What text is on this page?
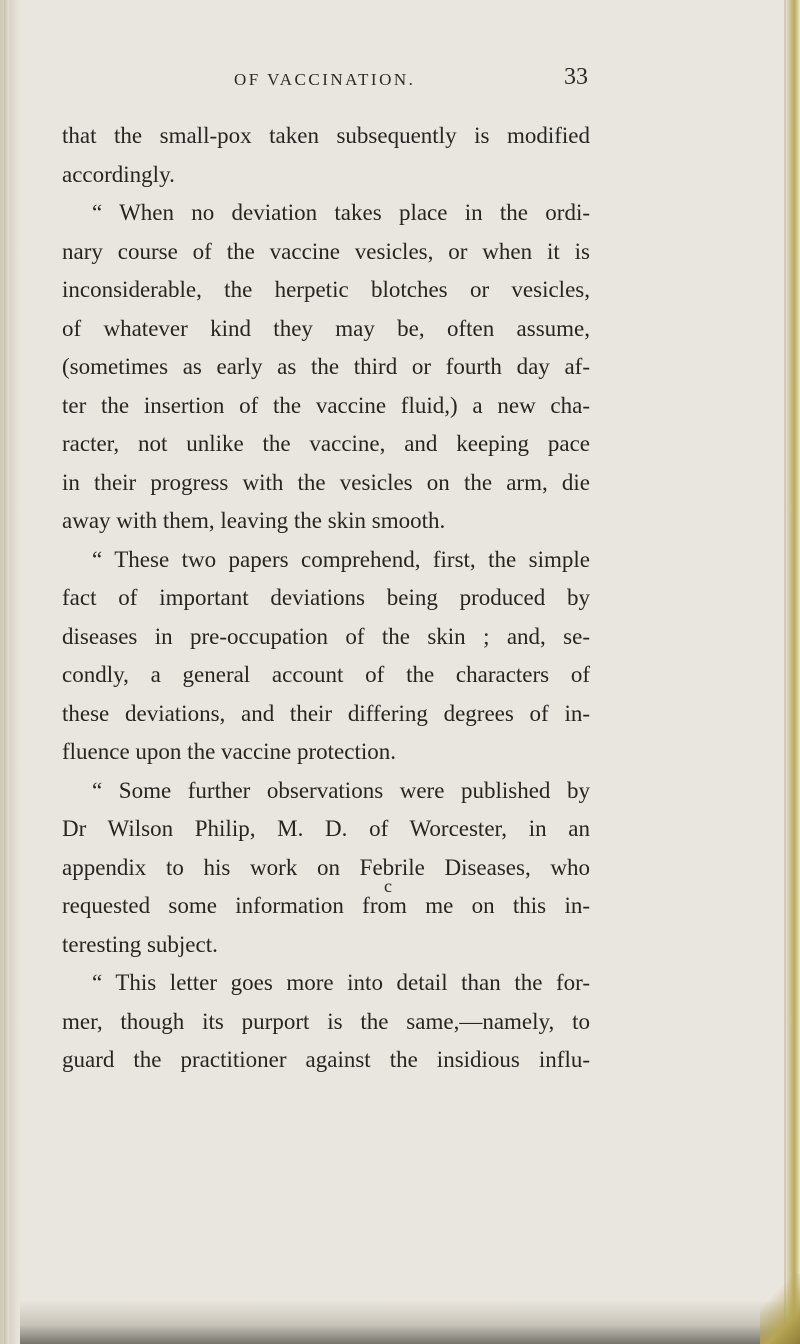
OF VACCINATION.	33
that the small-pox taken subsequently is modified
accordingly.
“ When no deviation takes place in the ordi-
nary course of the vaccine vesicles, or when it is
inconsiderable, the herpetic blotches or vesicles,
of whatever kind they may be, often assume,
(sometimes as early as the third or fourth day af-
ter the insertion of the vaccine fluid,) a new cha-
racter, not unlike the vaccine, and keeping pace
in their progress with the vesicles on the arm, die
away with them, leaving the skin smooth.
“ These two papers comprehend, first, the simple
fact of important deviations being produced by
diseases in pre-occupation of the skin ; and, se-
condly, a general account of the characters of
these deviations, and their differing degrees of in-
fluence upon the vaccine protection.
“ Some further observations were published by
Dr Wilson Philip, M. D. of Worcester, in an
appendix to his work on Febrile Diseases, who
requested some information from me on this in-
teresting subject.
“ This letter goes more into detail than the for-
mer, though its purport is the same,—namely, to
guard the practitioner against the insidious influ-
c
